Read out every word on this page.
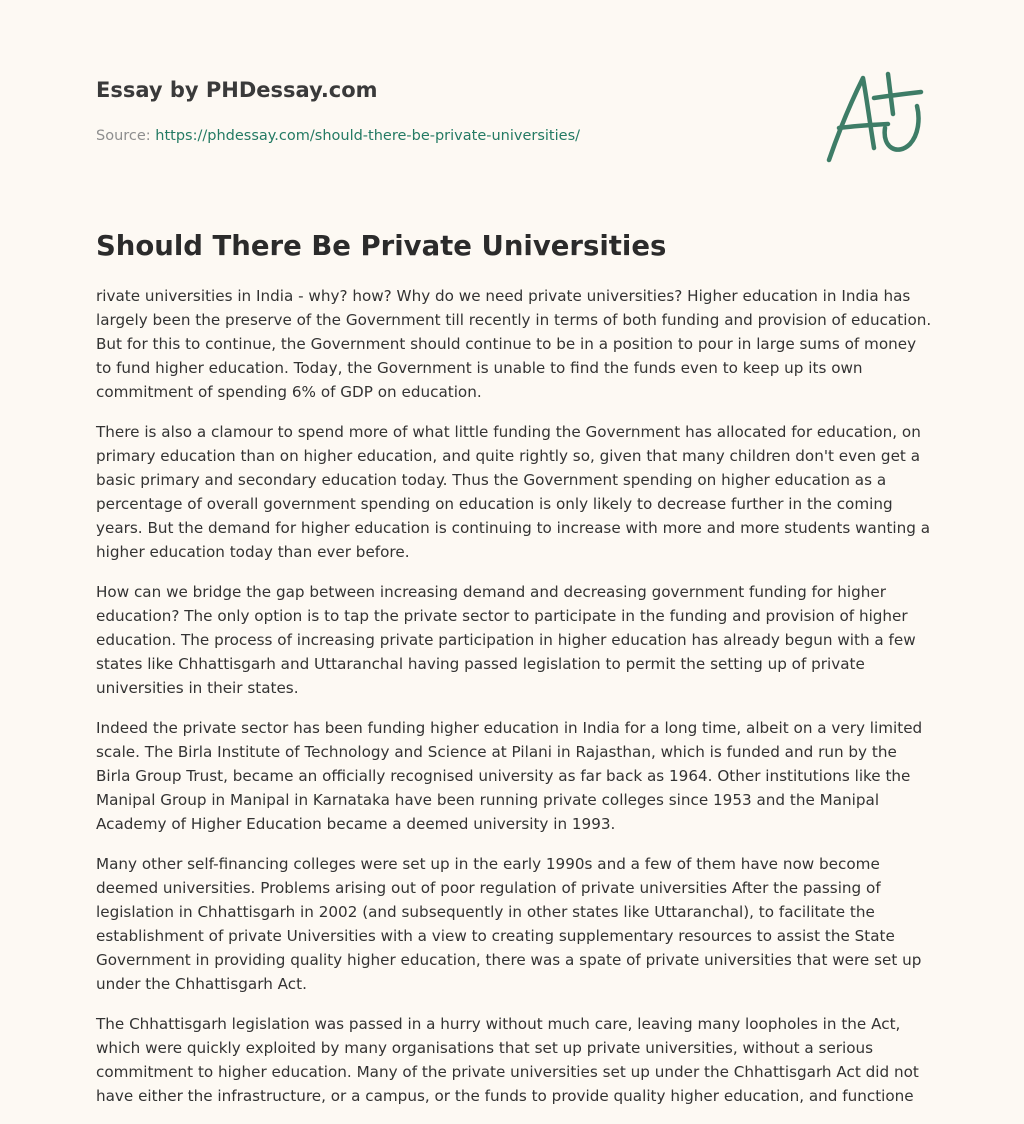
Essay by PHDessay.com
Source: https://phdessay.com/should-there-be-private-universities/
Should There Be Private Universities

rivate universities in India - why? how? Why do we need private universities? Higher education in India has largely been the preserve of the Government till recently in terms of both funding and provision of education. But for this to continue, the Government should continue to be in a position to pour in large sums of money to fund higher education. Today, the Government is unable to find the funds even to keep up its own commitment of spending 6% of GDP on education.

There is also a clamour to spend more of what little funding the Government has allocated for education, on primary education than on higher education, and quite rightly so, given that many children don't even get a basic primary and secondary education today. Thus the Government spending on higher education as a percentage of overall government spending on education is only likely to decrease further in the coming years. But the demand for higher education is continuing to increase with more and more students wanting a higher education today than ever before.

How can we bridge the gap between increasing demand and decreasing government funding for higher education? The only option is to tap the private sector to participate in the funding and provision of higher education. The process of increasing private participation in higher education has already begun with a few states like Chhattisgarh and Uttaranchal having passed legislation to permit the setting up of private universities in their states.

Indeed the private sector has been funding higher education in India for a long time, albeit on a very limited scale. The Birla Institute of Technology and Science at Pilani in Rajasthan, which is funded and run by the Birla Group Trust, became an officially recognised university as far back as 1964. Other institutions like the Manipal Group in Manipal in Karnataka have been running private colleges since 1953 and the Manipal Academy of Higher Education became a deemed university in 1993.

Many other self-financing colleges were set up in the early 1990s and a few of them have now become deemed universities. Problems arising out of poor regulation of private universities After the passing of legislation in Chhattisgarh in 2002 (and subsequently in other states like Uttaranchal), to facilitate the establishment of private Universities with a view to creating supplementary resources to assist the State Government in providing quality higher education, there was a spate of private universities that were set up under the Chhattisgarh Act.

The Chhattisgarh legislation was passed in a hurry without much care, leaving many loopholes in the Act, which were quickly exploited by many organisations that set up private universities, without a serious commitment to higher education. Many of the private universities set up under the Chhattisgarh Act did not have either the infrastructure, or a campus, or the funds to provide quality higher education, and functione
